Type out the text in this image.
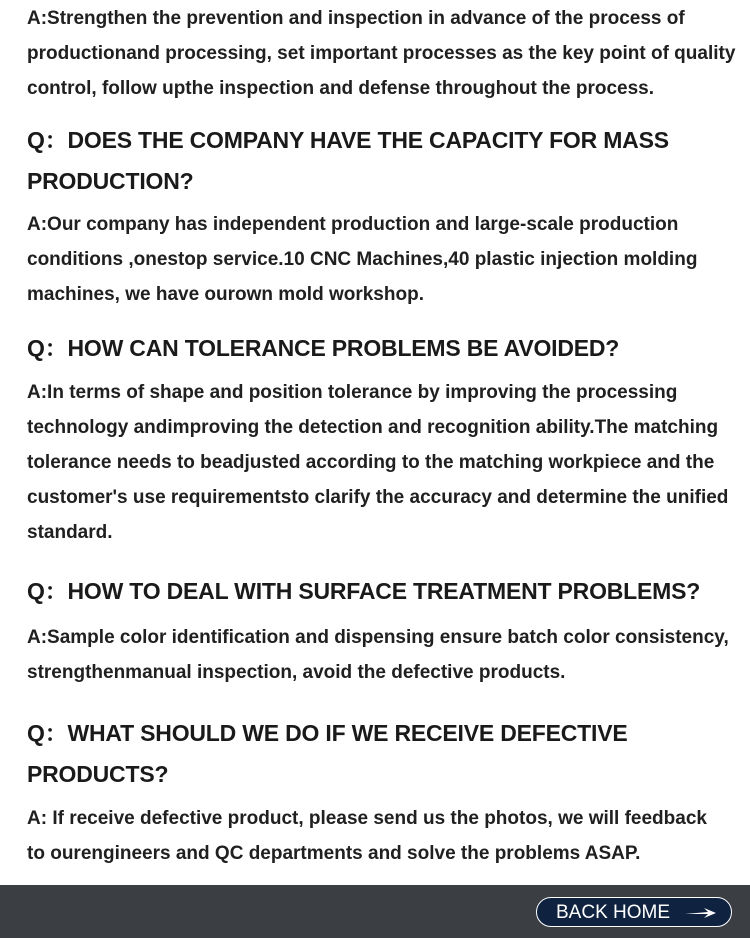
A:Strengthen the prevention and inspection in advance of the process of productionand processing, set important processes as the key point of quality control, follow upthe inspection and defense throughout the process.

Q：DOES THE COMPANY HAVE THE CAPACITY FOR MASS PRODUCTION?

A:Our company has independent production and large-scale production conditions ,onestop service.10 CNC Machines,40 plastic injection molding machines, we have ourown mold workshop.

Q：HOW CAN TOLERANCE PROBLEMS BE AVOIDED?

A:In terms of shape and position tolerance by improving the processing technology andimproving the detection and recognition ability.The matching tolerance needs to beadjusted according to the matching workpiece and the customer's use requirementsto clarify the accuracy and determine the unified standard.

Q：HOW TO DEAL WITH SURFACE TREATMENT PROBLEMS?

A:Sample color identification and dispensing ensure batch color consistency, strengthenmanual inspection, avoid the defective products.

Q：WHAT SHOULD WE DO IF WE RECEIVE DEFECTIVE PRODUCTS?

A: If receive defective product, please send us the photos, we will feedback to ourengineers and QC departments and solve the problems ASAP.

BACK HOME
